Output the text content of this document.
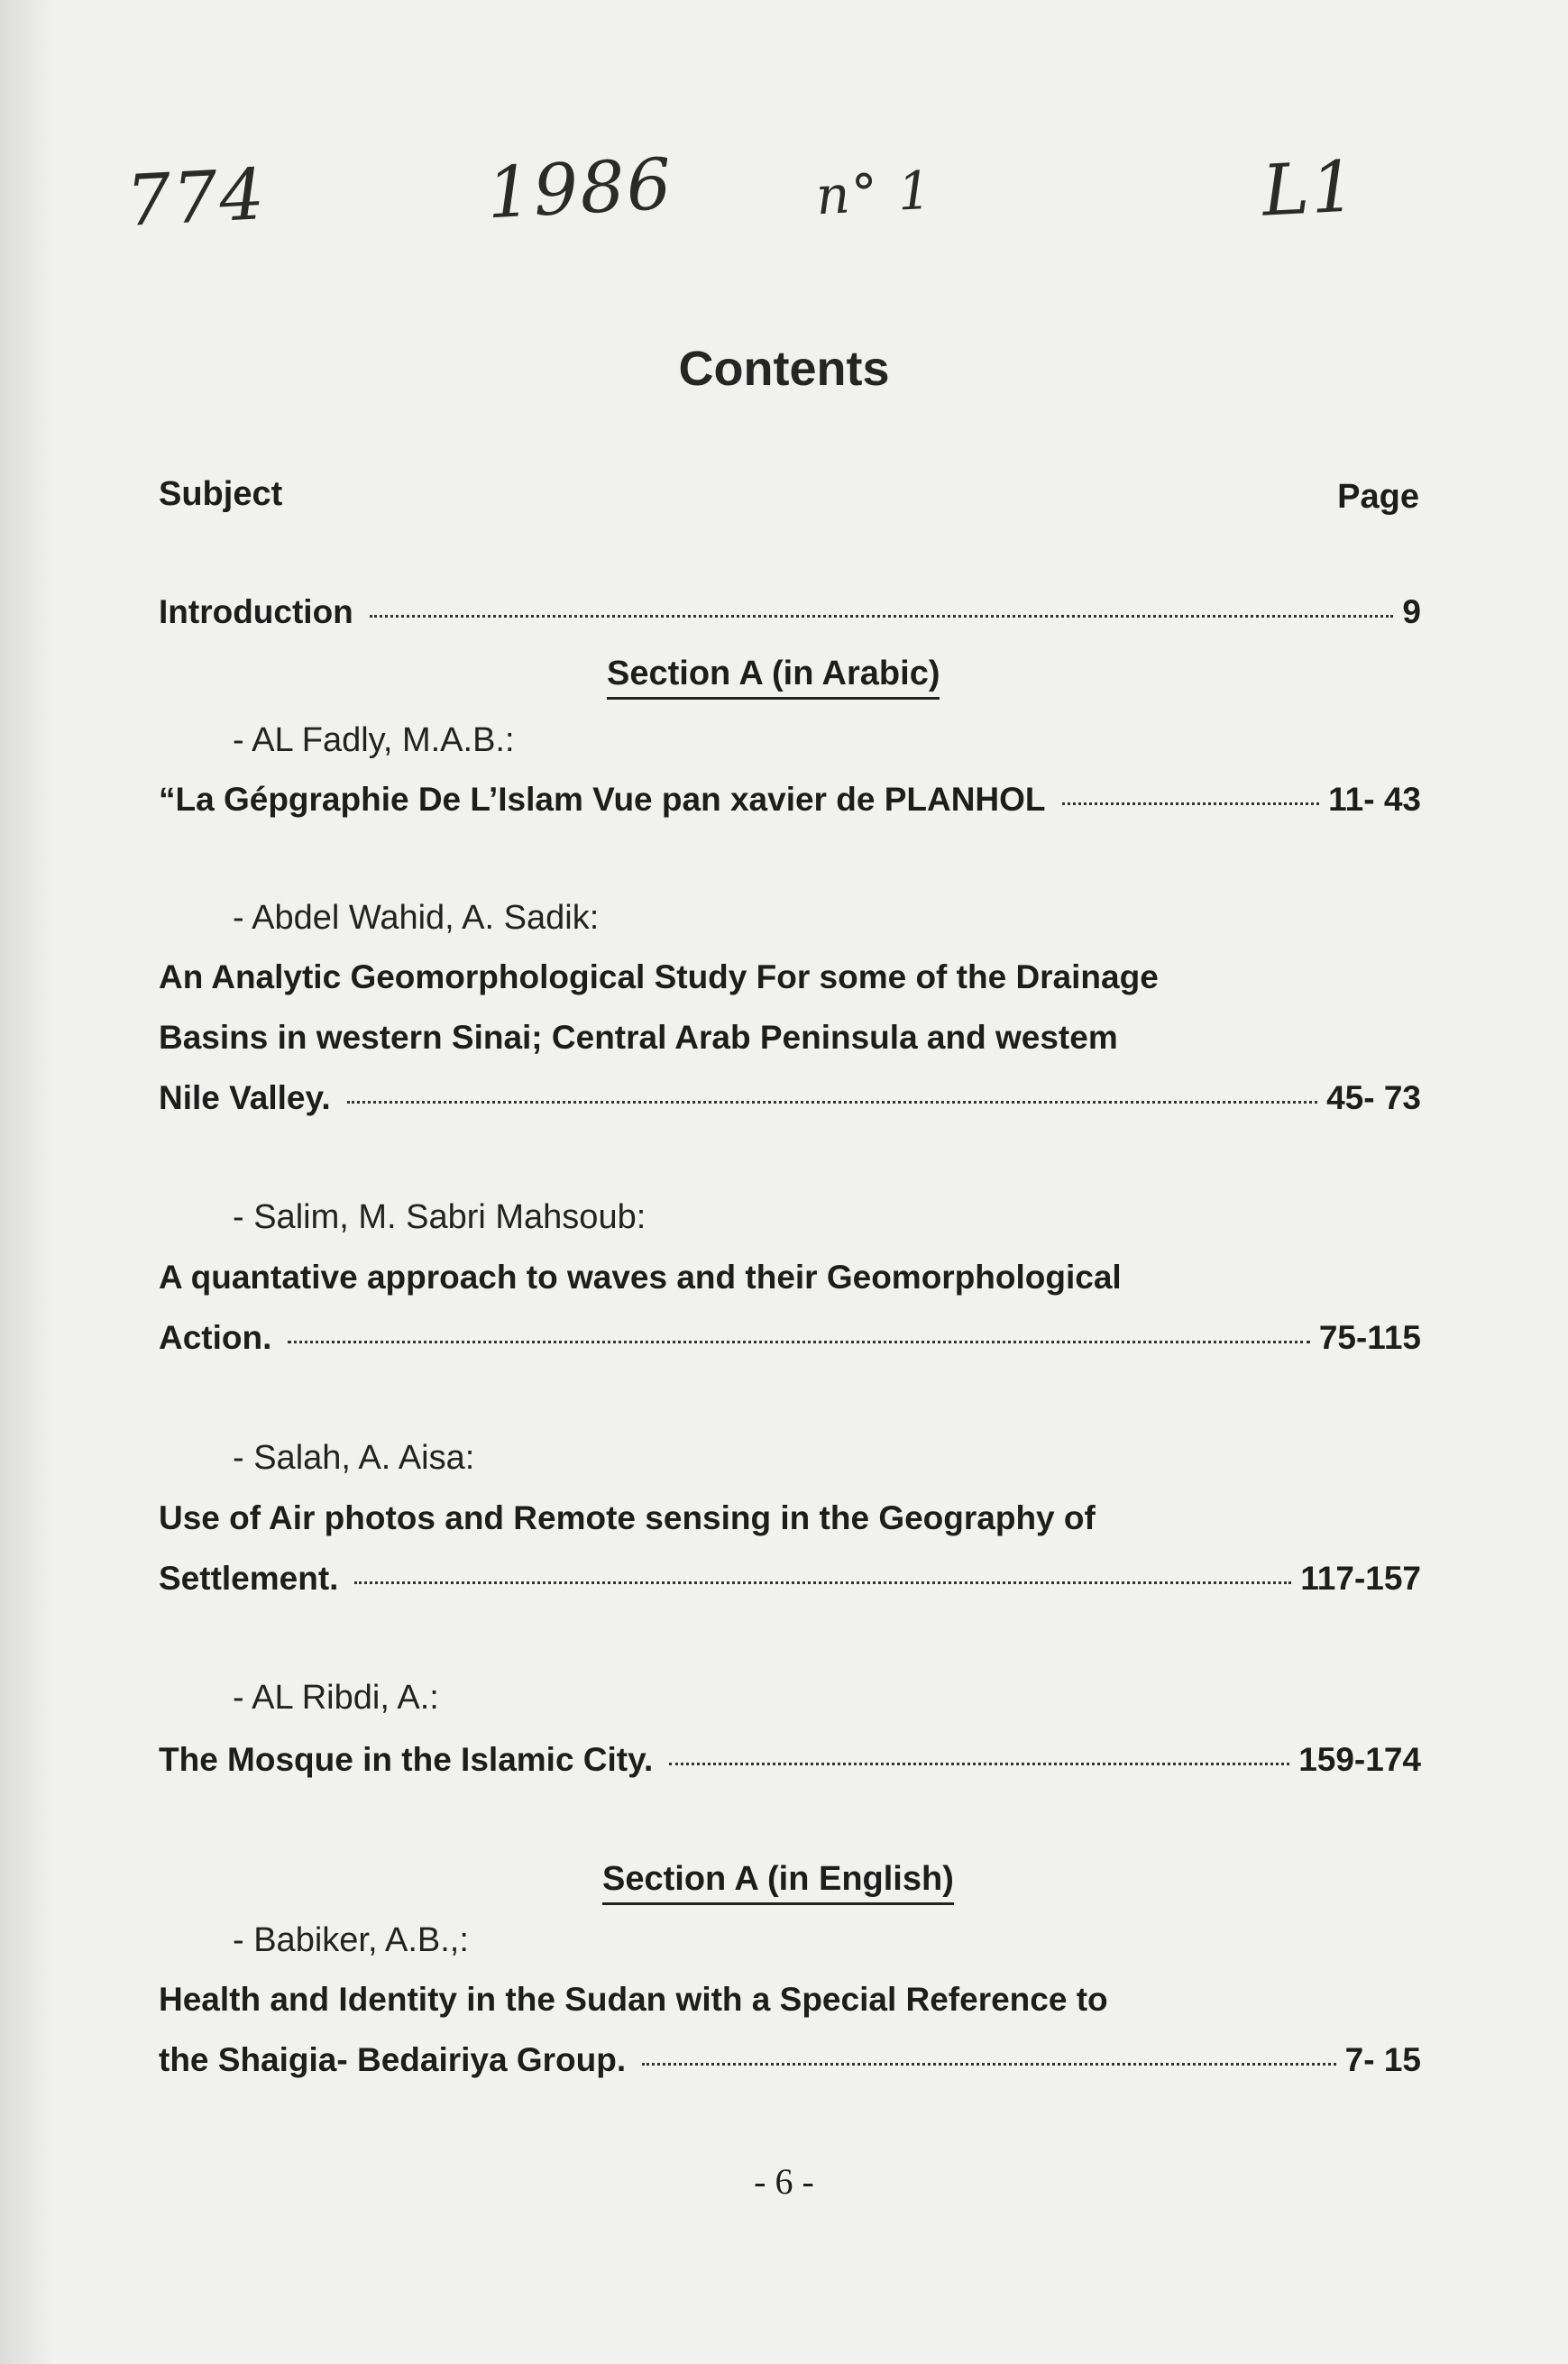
774	1986	n° 1	L1
Contents
Subject	Page
Introduction	9
Section A (in Arabic)
- AL Fadly, M.A.B.:
“La Gépgraphie De L’Islam Vue pan xavier de PLANHOL	11- 43
- Abdel Wahid, A. Sadik:
An Analytic Geomorphological Study For some of the Drainage
Basins in western Sinai; Central Arab Peninsula and westem
Nile Valley.	45- 73
- Salim, M. Sabri Mahsoub:
A quantative approach to waves and their Geomorphological
Action.	75-115
- Salah, A. Aisa:
Use of Air photos and Remote sensing in the Geography of
Settlement.	117-157
- AL Ribdi, A.:
The Mosque in the Islamic City.	159-174
Section A (in English)
- Babiker, A.B.,:
Health and Identity in the Sudan with a Special Reference to
the Shaigia- Bedairiya Group.	7- 15
- 6 -
